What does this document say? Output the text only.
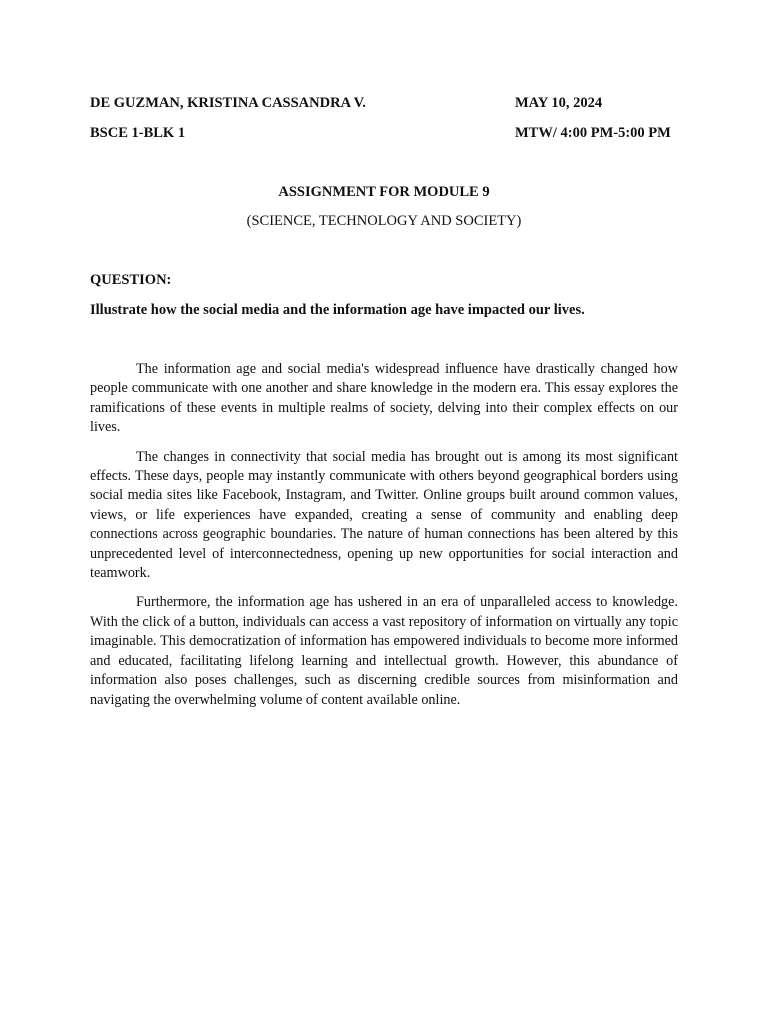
DE GUZMAN, KRISTINA CASSANDRA V.	MAY 10, 2024
BSCE 1-BLK 1	MTW/ 4:00 PM-5:00 PM
ASSIGNMENT FOR MODULE 9
(SCIENCE, TECHNOLOGY AND SOCIETY)
QUESTION:
Illustrate how the social media and the information age have impacted our lives.

The information age and social media's widespread influence have drastically changed how people communicate with one another and share knowledge in the modern era. This essay explores the ramifications of these events in multiple realms of society, delving into their complex effects on our lives.

The changes in connectivity that social media has brought out is among its most significant effects. These days, people may instantly communicate with others beyond geographical borders using social media sites like Facebook, Instagram, and Twitter. Online groups built around common values, views, or life experiences have expanded, creating a sense of community and enabling deep connections across geographic boundaries. The nature of human connections has been altered by this unprecedented level of interconnectedness, opening up new opportunities for social interaction and teamwork.

Furthermore, the information age has ushered in an era of unparalleled access to knowledge. With the click of a button, individuals can access a vast repository of information on virtually any topic imaginable. This democratization of information has empowered individuals to become more informed and educated, facilitating lifelong learning and intellectual growth. However, this abundance of information also poses challenges, such as discerning credible sources from misinformation and navigating the overwhelming volume of content available online.
